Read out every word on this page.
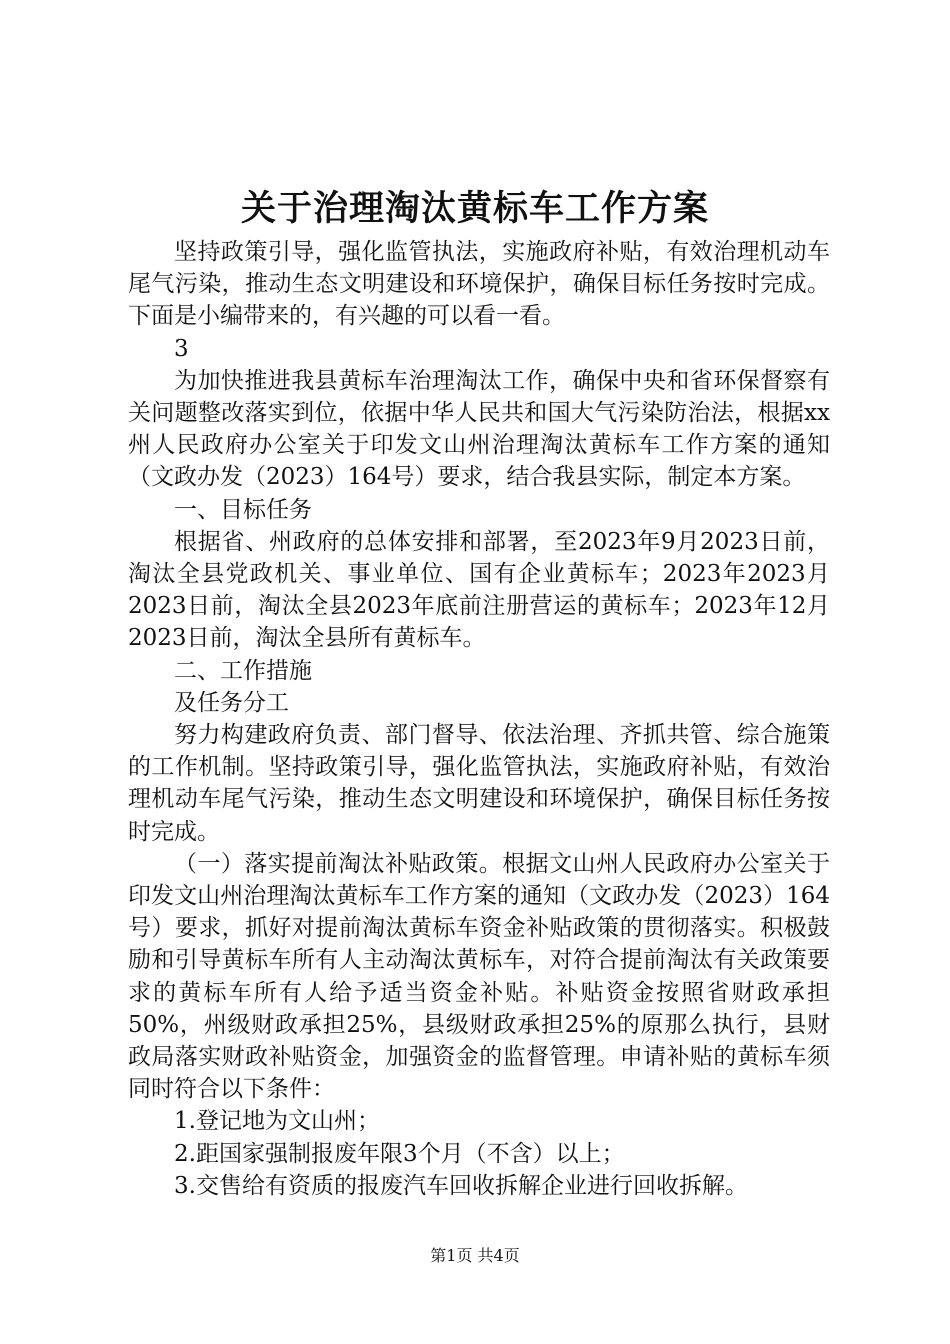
关于治理淘汰黄标车工作方案

坚持政策引导，强化监管执法，实施政府补贴，有效治理机动车尾气污染，推动生态文明建设和环境保护，确保目标任务按时完成。下面是小编带来的，有兴趣的可以看一看。

3

为加快推进我县黄标车治理淘汰工作，确保中央和省环保督察有关问题整改落实到位，依据中华人民共和国大气污染防治法，根据xx州人民政府办公室关于印发文山州治理淘汰黄标车工作方案的通知（文政办发（2023）164号）要求，结合我县实际，制定本方案。

一、目标任务

根据省、州政府的总体安排和部署，至2023年9月2023日前，淘汰全县党政机关、事业单位、国有企业黄标车；2023年2023月2023日前，淘汰全县2023年底前注册营运的黄标车；2023年12月2023日前，淘汰全县所有黄标车。

二、工作措施

及任务分工

努力构建政府负责、部门督导、依法治理、齐抓共管、综合施策的工作机制。坚持政策引导，强化监管执法，实施政府补贴，有效治理机动车尾气污染，推动生态文明建设和环境保护，确保目标任务按时完成。

（一）落实提前淘汰补贴政策。根据文山州人民政府办公室关于印发文山州治理淘汰黄标车工作方案的通知（文政办发（2023）164号）要求，抓好对提前淘汰黄标车资金补贴政策的贯彻落实。积极鼓励和引导黄标车所有人主动淘汰黄标车，对符合提前淘汰有关政策要求的黄标车所有人给予适当资金补贴。补贴资金按照省财政承担50%，州级财政承担25%，县级财政承担25%的原那么执行，县财政局落实财政补贴资金，加强资金的监督管理。申请补贴的黄标车须同时符合以下条件：

1.登记地为文山州；

2.距国家强制报废年限3个月（不含）以上；

3.交售给有资质的报废汽车回收拆解企业进行回收拆解。

第1页 共4页
